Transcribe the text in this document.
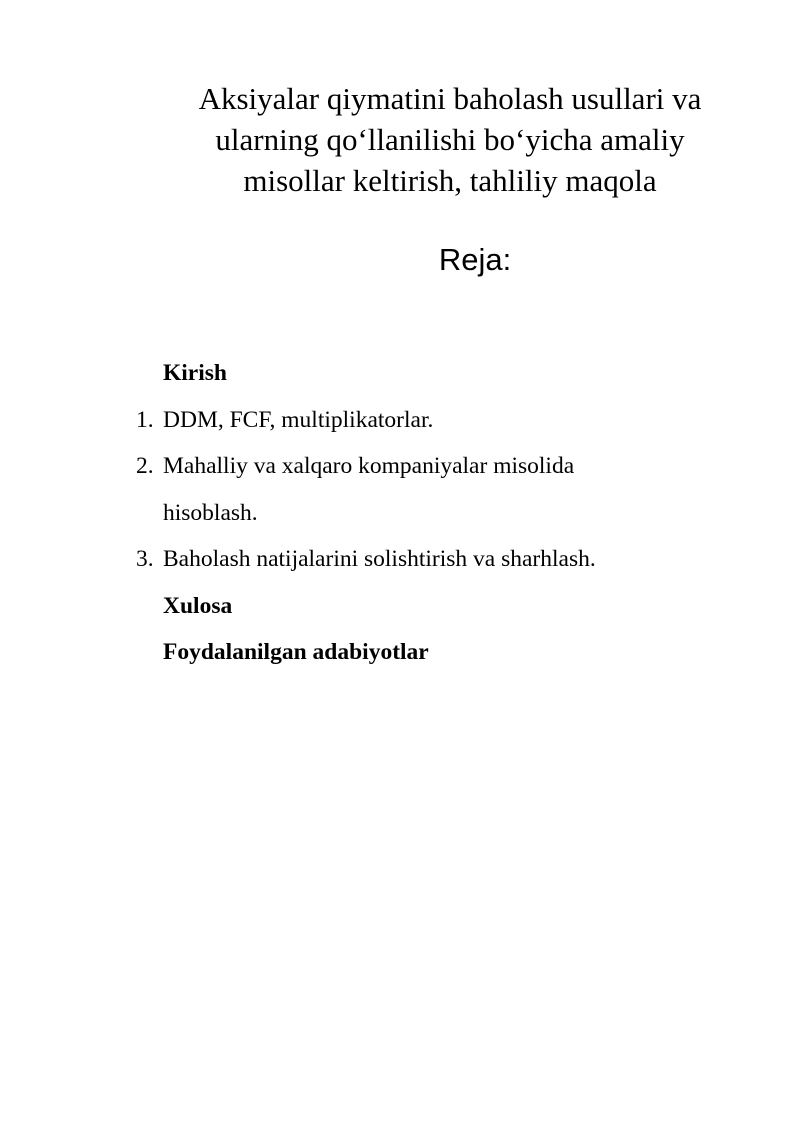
Aksiyalar qiymatini baholash usullari va
ularning qo‘llanilishi bo‘yicha amaliy
misollar keltirish, tahliliy maqola
Reja:
Kirish
1. DDM, FCF, multiplikatorlar.
2. Mahalliy va xalqaro kompaniyalar misolida
hisoblash.
3. Baholash natijalarini solishtirish va sharhlash.
Xulosa
Foydalanilgan adabiyotlar
